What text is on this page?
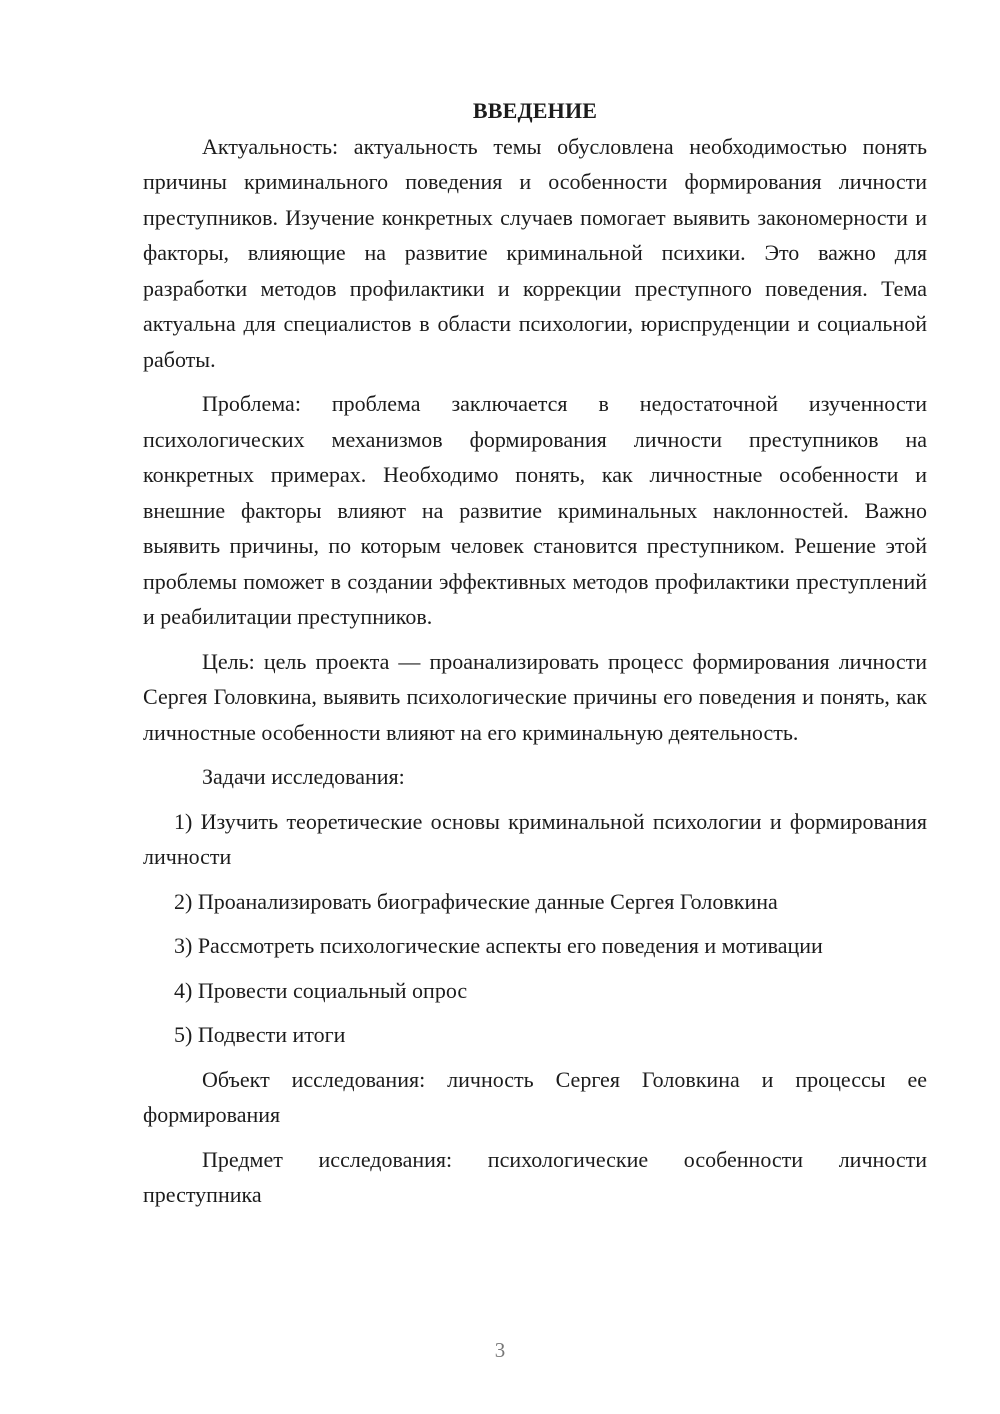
ВВЕДЕНИЕ

Актуальность: актуальность темы обусловлена необходимостью понять причины криминального поведения и особенности формирования личности преступников. Изучение конкретных случаев помогает выявить закономерности и факторы, влияющие на развитие криминальной психики. Это важно для разработки методов профилактики и коррекции преступного поведения. Тема актуальна для специалистов в области психологии, юриспруденции и социальной работы.

Проблема: проблема заключается в недостаточной изученности психологических механизмов формирования личности преступников на конкретных примерах. Необходимо понять, как личностные особенности и внешние факторы влияют на развитие криминальных наклонностей. Важно выявить причины, по которым человек становится преступником. Решение этой проблемы поможет в создании эффективных методов профилактики преступлений и реабилитации преступников.

Цель: цель проекта — проанализировать процесс формирования личности Сергея Головкина, выявить психологические причины его поведения и понять, как личностные особенности влияют на его криминальную деятельность.

Задачи исследования:

1) Изучить теоретические основы криминальной психологии и формирования личности

2) Проанализировать биографические данные Сергея Головкина

3) Рассмотреть психологические аспекты его поведения и мотивации

4) Провести социальный опрос

5) Подвести итоги

Объект исследования: личность Сергея Головкина и процессы ее формирования

Предмет исследования: психологические особенности личности преступника

3
